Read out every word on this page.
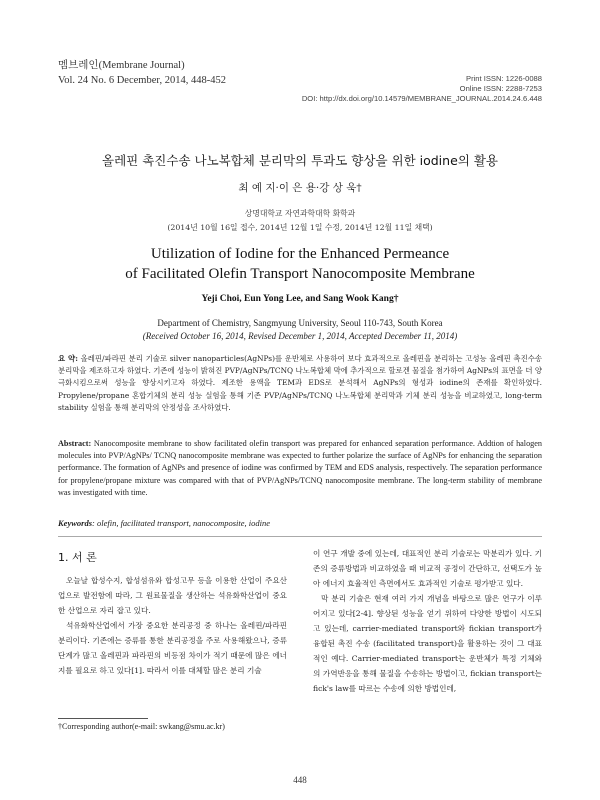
멤브레인(Membrane Journal)
Vol. 24 No. 6 December, 2014, 448-452	Print ISSN: 1226-0088
Online ISSN: 2288-7253
DOI: http://dx.doi.org/10.14579/MEMBRANE_JOURNAL.2014.24.6.448
올레핀 촉진수송 나노복합체 분리막의 투과도 향상을 위한 iodine의 활용
최 예 지·이 은 용·강 상 욱†
상명대학교 자연과학대학 화학과
(2014년 10월 16일 접수, 2014년 12월 1일 수정, 2014년 12월 11일 채택)
Utilization of Iodine for the Enhanced Permeance
of Facilitated Olefin Transport Nanocomposite Membrane
Yeji Choi, Eun Yong Lee, and Sang Wook Kang†
Department of Chemistry, Sangmyung University, Seoul 110-743, South Korea
(Received October 16, 2014, Revised December 1, 2014, Accepted December 11, 2014)
요 약: 올레핀/파라핀 분리 기술로 silver nanoparticles(AgNPs)를 운반체로 사용하여 보다 효과적으로 올레핀을 분리하는 고성능 올레핀 촉진수송 분리막을 제조하고자 하였다. 기존에 성능이 밝혀진 PVP/AgNPs/TCNQ 나노복합체 막에 추가적으로 할로겐 물질을 첨가하여 AgNPs의 표면을 더 양극화시킴으로써 성능을 향상시키고자 하였다. 제조한 용액을 TEM과 EDS로 분석해서 AgNPs의 형성과 iodine의 존재를 확인하였다. Propylene/propane 혼합기체의 분리 성능 실험을 통해 기존 PVP/AgNPs/TCNQ 나노복합체 분리막과 기체 분리 성능을 비교하였고, long-term stability 실험을 통해 분리막의 안정성을 조사하였다.
Abstract: Nanocomposite membrane to show facilitated olefin transport was prepared for enhanced separation performance. Addtion of halogen molecules into PVP/AgNPs/ TCNQ nanocomposite membrane was expected to further polarize the surface of AgNPs for enhancing the separation performance. The formation of AgNPs and presence of iodine was confirmed by TEM and EDS analysis, respectively. The separation performance for propylene/propane mixture was compared with that of PVP/AgNPs/TCNQ nanocomposite membrane. The long-term stability of membrane was investigated with time.
Keywords: olefin, facilitated transport, nanocomposite, iodine
1. 서 론

오늘날 합성수지, 합성섬유와 합성고무 등을 이용한 산업이 주요산업으로 발전함에 따라, 그 원료물질을 생산하는 석유화학산업이 중요한 산업으로 자리 잡고 있다.

석유화학산업에서 가장 중요한 분리공정 중 하나는 올레핀/파라핀 분리이다. 기존에는 증류를 통한 분리공정을 주로 사용해왔으나, 증류 단계가 많고 올레핀과 파라핀의 비등점 차이가 적기 때문에 많은 에너지를 필요로 하고 있다[1]. 따라서 이를 대체할 많은 분리 기술

이 연구 개발 중에 있는데, 대표적인 분리 기술로는 막분리가 있다. 기존의 증류방법과 비교하였을 때 비교적 공정이 간단하고, 선택도가 높아 에너지 효율적인 측면에서도 효과적인 기술로 평가받고 있다.

막 분리 기술은 현재 여러 가지 개념을 바탕으로 많은 연구가 이루어지고 있다[2-4]. 향상된 성능을 얻기 위하여 다양한 방법이 시도되고 있는데, carrier-mediated transport와 fickian transport가 융합된 촉진 수송 (facilitated transport)을 활용하는 것이 그 대표적인 예다. Carrier-mediated transport는 운반체가 특정 기체와의 가역반응을 통해 물질을 수송하는 방법이고, fickian transport는 fick's law를 따르는 수송에 의한 방법인데,

†Corresponding author(e-mail: swkang@smu.ac.kr)
448
